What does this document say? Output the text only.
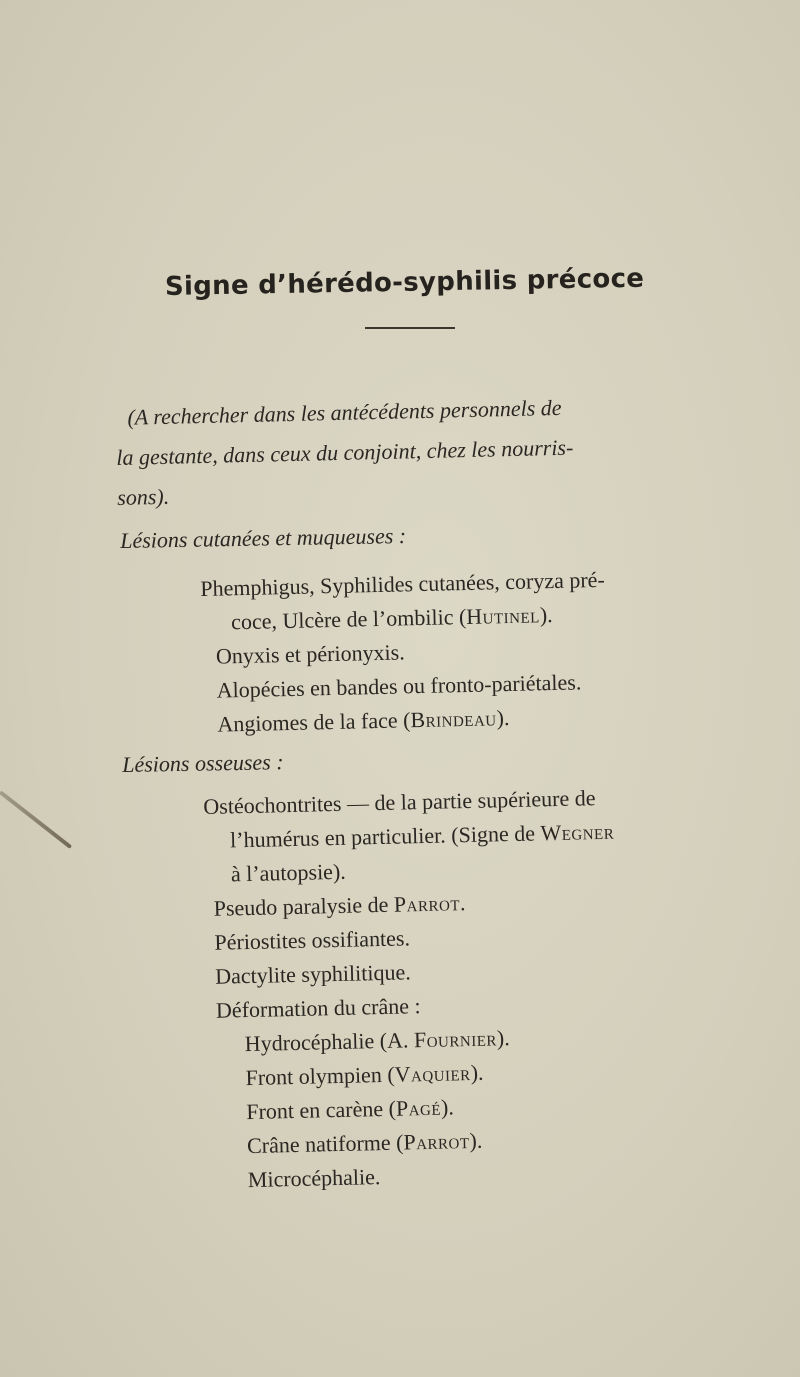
Signe d’hérédo-syphilis précoce
(A rechercher dans les antécédents personnels de
la gestante, dans ceux du conjoint, chez les nourris-
sons).
Lésions cutanées et muqueuses :
Phemphigus, Syphilides cutanées, coryza pré-
coce, Ulcère de l’ombilic (Hutinel).
Onyxis et périonyxis.
Alopécies en bandes ou fronto-pariétales.
Angiomes de la face (Brindeau).
Lésions osseuses :
Ostéochontrites — de la partie supérieure de
l’humérus en particulier. (Signe de Wegner
à l’autopsie).
Pseudo paralysie de Parrot.
Périostites ossifiantes.
Dactylite syphilitique.
Déformation du crâne :
Hydrocéphalie (A. Fournier).
Front olympien (Vaquier).
Front en carène (Pagé).
Crâne natiforme (Parrot).
Microcéphalie.
